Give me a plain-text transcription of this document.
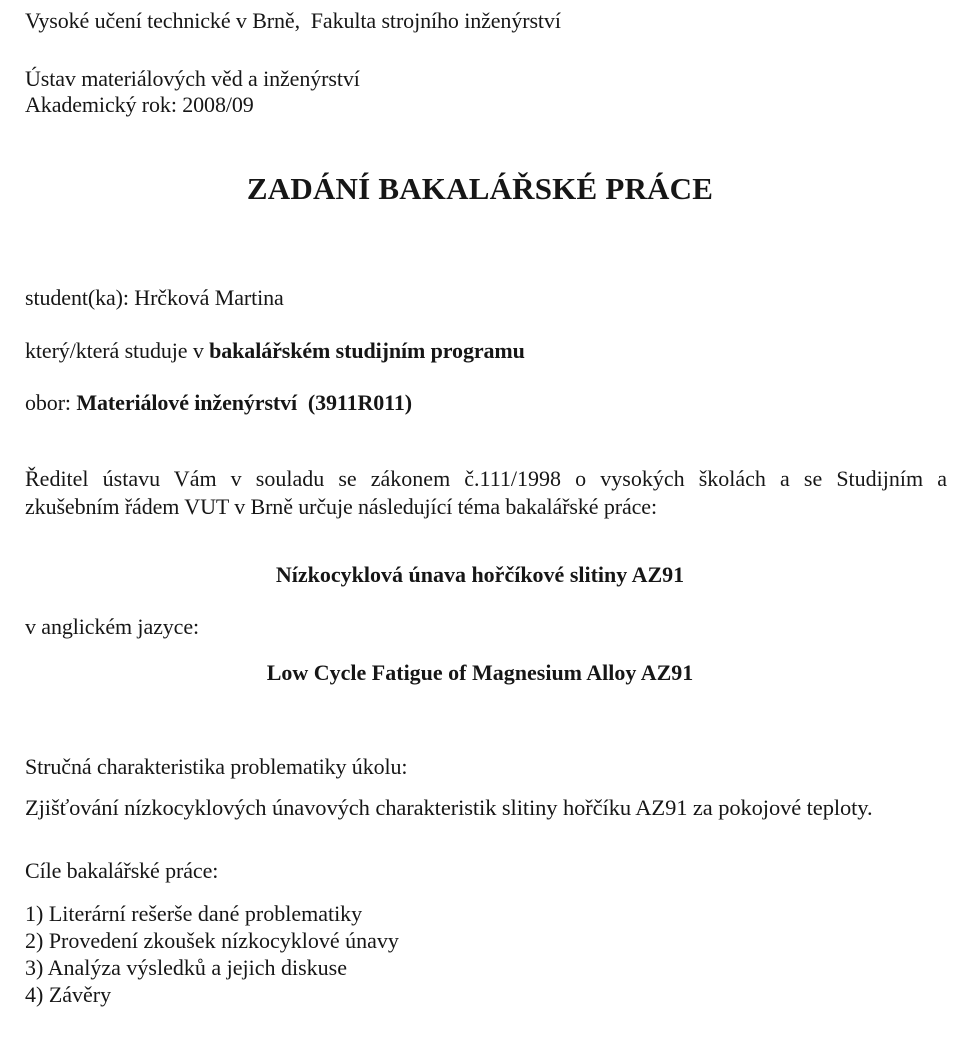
Vysoké učení technické v Brně, Fakulta strojního inženýrství
Ústav materiálových věd a inženýrství
Akademický rok: 2008/09
ZADÁNÍ BAKALÁŘSKÉ PRÁCE
student(ka): Hrčková Martina
který/která studuje v bakalářském studijním programu
obor: Materiálové inženýrství (3911R011)
Ředitel ústavu Vám v souladu se zákonem č.111/1998 o vysokých školách a se Studijním a
zkušebním řádem VUT v Brně určuje následující téma bakalářské práce:
Nízkocyklová únava hořčíkové slitiny AZ91
v anglickém jazyce:
Low Cycle Fatigue of Magnesium Alloy AZ91
Stručná charakteristika problematiky úkolu:
Zjišťování nízkocyklových únavových charakteristik slitiny hořčíku AZ91 za pokojové teploty.
Cíle bakalářské práce:
1) Literární rešerše dané problematiky
2) Provedení zkoušek nízkocyklové únavy
3) Analýza výsledků a jejich diskuse
4) Závěry
